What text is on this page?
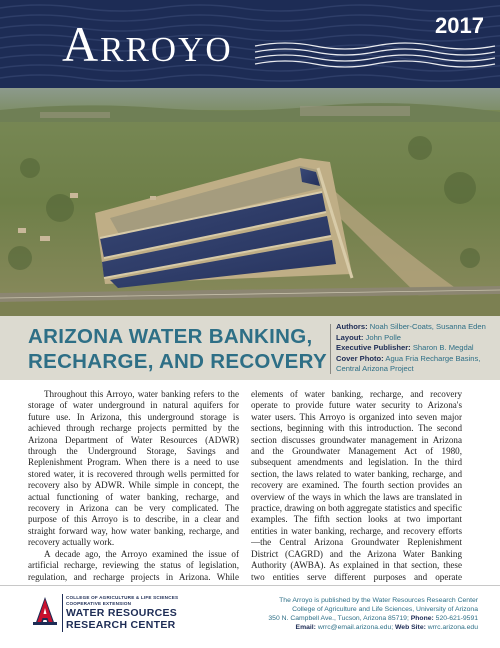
Arroyo	2017
ARIZONA WATER BANKING, RECHARGE, AND RECOVERY
Authors: Noah Silber-Coats, Susanna Eden
Layout: John Polle
Executive Publisher: Sharon B. Megdal
Cover Photo: Agua Fria Recharge Basins,
Central Arizona Project

Throughout this Arroyo, water banking refers to the storage of water underground in natural aquifers for future use. In Arizona, this underground storage is achieved through recharge projects permitted by the Arizona Department of Water Resources (ADWR) through the Underground Storage, Savings and Replenishment Program. When there is a need to use stored water, it is recovered through wells permitted for recovery also by ADWR. While simple in concept, the actual functioning of water banking, recharge, and recovery in Arizona can be very complicated. The purpose of this Arroyo is to describe, in a clear and straight forward way, how water banking, recharge, and recovery actually work.

A decade ago, the Arroyo examined the issue of artificial recharge, reviewing the status of legislation, regulation, and recharge projects in Arizona. While

elements of water banking, recharge, and recovery operate to provide future water security to Arizona's water users. This Arroyo is organized into seven major sections, beginning with this introduction. The second section discusses groundwater management in Arizona and the Groundwater Management Act of 1980, subsequent amendments and legislation. In the third section, the laws related to water banking, recharge, and recovery are examined. The fourth section provides an overview of the ways in which the laws are translated in practice, drawing on both aggregate statistics and specific examples. The fifth section looks at two important entities in water banking, recharge, and recovery efforts—the Central Arizona Groundwater Replenishment District (CAGRD) and the Arizona Water Banking Authority (AWBA). As explained in that section, these two entities serve different purposes and operate

COLLEGE OF AGRICULTURE & LIFE SCIENCES
COOPERATIVE EXTENSION
WATER RESOURCES
RESEARCH CENTER
The Arroyo is published by the Water Resources Research Center
College of Agriculture and Life Sciences, University of Arizona
350 N. Campbell Ave., Tucson, Arizona 85719; Phone: 520-621-9591
Email: wrrc@email.arizona.edu; Web Site: wrrc.arizona.edu
